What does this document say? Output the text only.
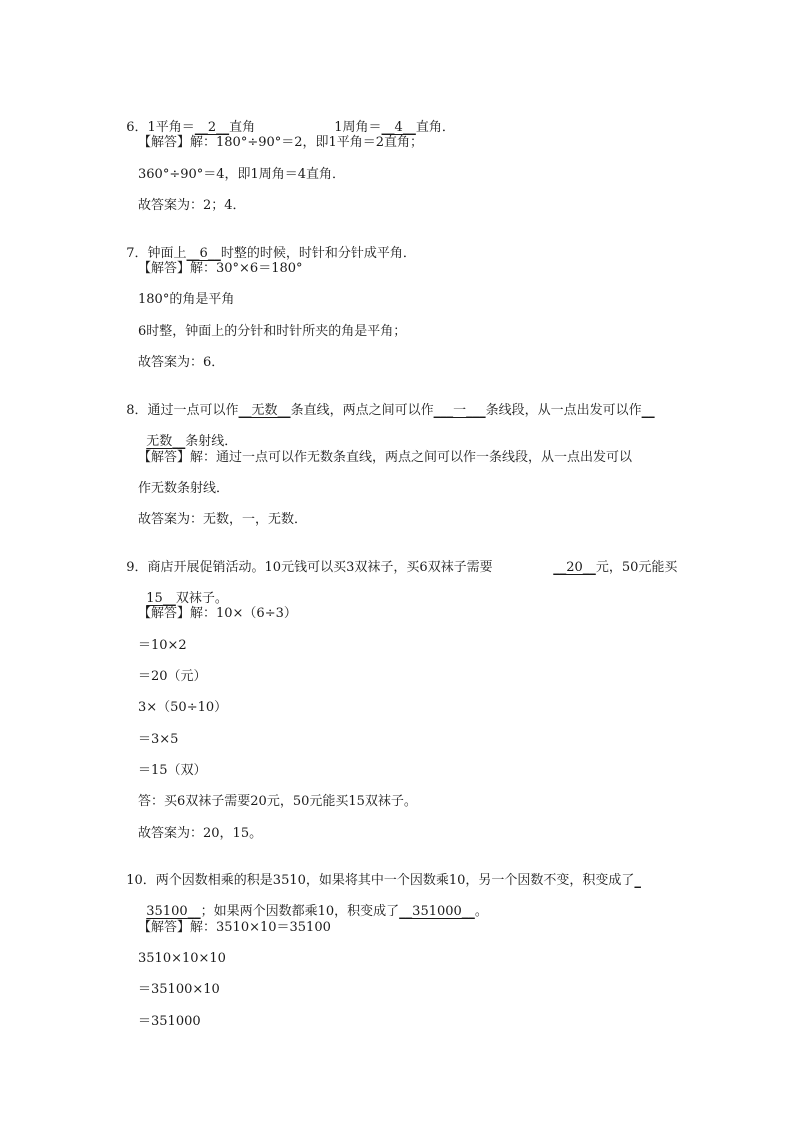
6．1平角＝__2__直角	1周角＝__4__直角．

【解答】解：180°÷90°＝2，即1平角＝2直角；
360°÷90°＝4，即1周角＝4直角．
故答案为：2；4．

7．钟面上__6__时整的时候，时针和分针成平角．

【解答】解：30°×6＝180°
180°的角是平角
6时整，钟面上的分针和时针所夹的角是平角；
故答案为：6．

8．通过一点可以作__无数__条直线，两点之间可以作___一___条线段，从一点出发可以作__

无数__条射线．

【解答】解：通过一点可以作无数条直线，两点之间可以作一条线段，从一点出发可以
作无数条射线．
故答案为：无数，一，无数．

9．商店开展促销活动。10元钱可以买3双袜子，买6双袜子需要	__20__元，50元能买

15__双袜子。

【解答】解：10×（6÷3）
＝10×2
＝20（元）
3×（50÷10）
＝3×5
＝15（双）
答：买6双袜子需要20元，50元能买15双袜子。
故答案为：20，15。

10．两个因数相乘的积是3510，如果将其中一个因数乘10，另一个因数不变，积变成了_

35100__；如果两个因数都乘10，积变成了__351000__。

【解答】解：3510×10＝35100
3510×10×10
＝35100×10
＝351000
